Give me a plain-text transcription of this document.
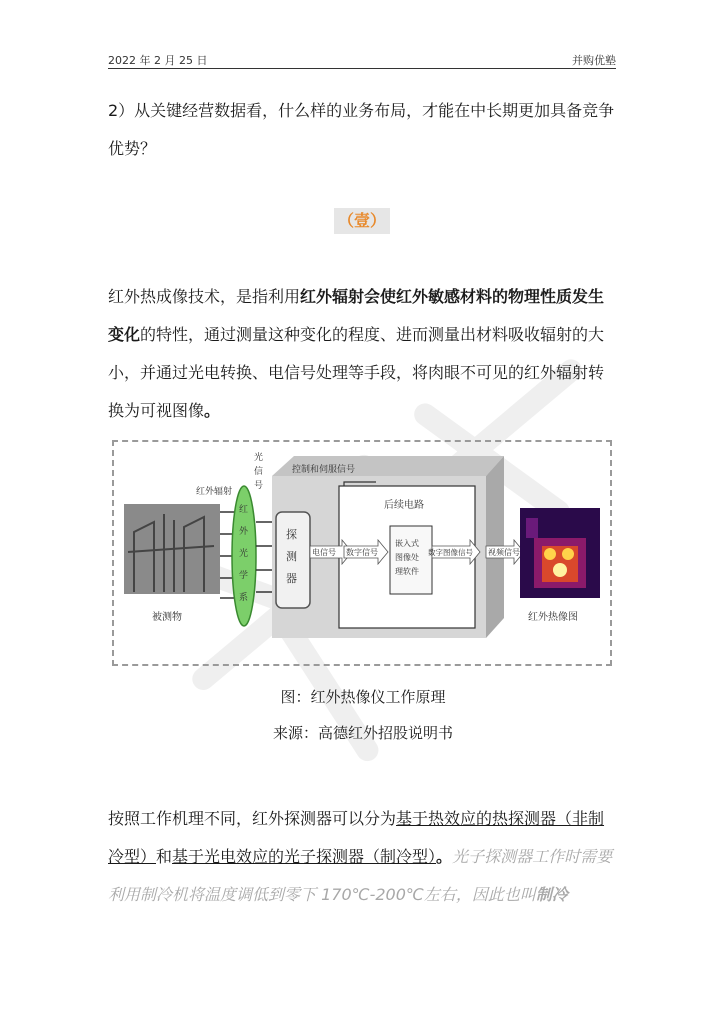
2022 年 2 月 25 日	并购优塾

2）从关键经营数据看，什么样的业务布局，才能在中长期更加具备竞争优势？

（壹）

红外热成像技术，是指利用红外辐射会使红外敏感材料的物理性质发生变化的特性，通过测量这种变化的程度、进而测量出材料吸收辐射的大小，并通过光电转换、电信号处理等手段，将肉眼不可见的红外辐射转换为可视图像。

被测物
红外辐射
红
外
光
学
系
光
信
号
探
测
器
控制和伺服信号
后续电路
电信号 数字信号
嵌入式
图像处
理软件
数字图像信号 视频信号
红外热像图
图：红外热像仪工作原理
来源：高德红外招股说明书

按照工作机理不同，红外探测器可以分为基于热效应的热探测器（非制冷型）和基于光电效应的光子探测器（制冷型）。光子探测器工作时需要利用制冷机将温度调低到零下 170℃-200℃左右，因此也叫制冷
